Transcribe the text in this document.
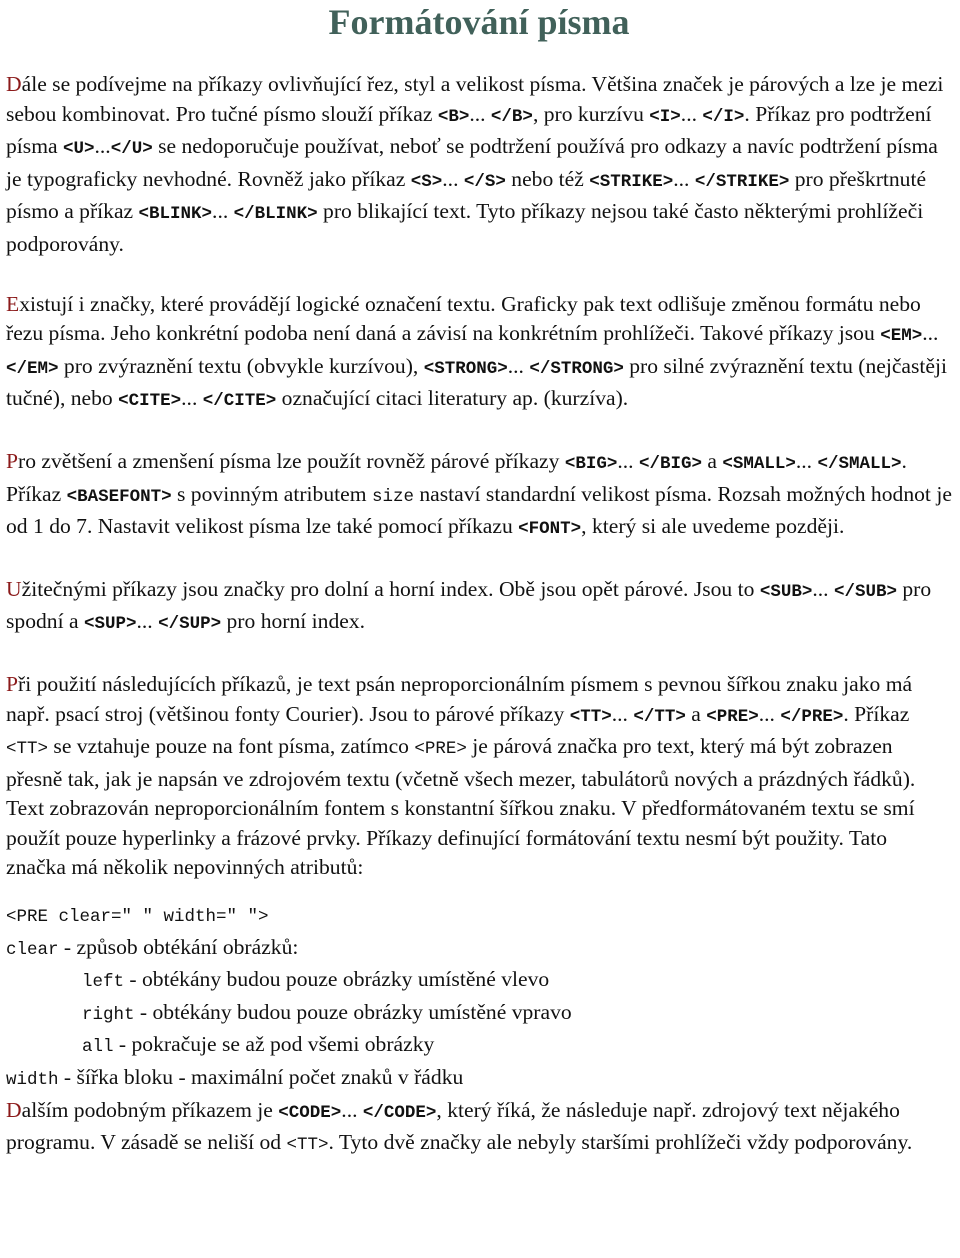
Formátování písma

Dále se podívejme na příkazy ovlivňující řez, styl a velikost písma. Většina značek je párových a lze je mezi sebou kombinovat. Pro tučné písmo slouží příkaz <B>... </B>, pro kurzívu <I>... </I>. Příkaz pro podtržení písma <U>...</U> se nedoporučuje používat, neboť se podtržení používá pro odkazy a navíc podtržení písma je typograficky nevhodné. Rovněž jako příkaz <S>... </S> nebo též <STRIKE>... </STRIKE> pro přeškrtnuté písmo a příkaz <BLINK>... </BLINK> pro blikající text. Tyto příkazy nejsou také často některými prohlížeči podporovány.

Existují i značky, které provádějí logické označení textu. Graficky pak text odlišuje změnou formátu nebo řezu písma. Jeho konkrétní podoba není daná a závisí na konkrétním prohlížeči. Takové příkazy jsou <EM>... </EM> pro zvýraznění textu (obvykle kurzívou), <STRONG>... </STRONG> pro silné zvýraznění textu (nejčastěji tučné), nebo <CITE>... </CITE> označující citaci literatury ap. (kurzíva).

Pro zvětšení a zmenšení písma lze použít rovněž párové příkazy <BIG>... </BIG> a <SMALL>... </SMALL>. Příkaz <BASEFONT> s povinným atributem size nastaví standardní velikost písma. Rozsah možných hodnot je od 1 do 7. Nastavit velikost písma lze také pomocí příkazu <FONT>, který si ale uvedeme později.

Užitečnými příkazy jsou značky pro dolní a horní index. Obě jsou opět párové. Jsou to <SUB>... </SUB> pro spodní a <SUP>... </SUP> pro horní index.

Při použití následujících příkazů, je text psán neproporcionálním písmem s pevnou šířkou znaku jako má např. psací stroj (většinou fonty Courier). Jsou to párové příkazy <TT>... </TT> a <PRE>... </PRE>. Příkaz <TT> se vztahuje pouze na font písma, zatímco <PRE> je párová značka pro text, který má být zobrazen přesně tak, jak je napsán ve zdrojovém textu (včetně všech mezer, tabulátorů nových a prázdných řádků). Text zobrazován neproporcionálním fontem s konstantní šířkou znaku. V předformátovaném textu se smí použít pouze hyperlinky a frázové prvky. Příkazy definující formátování textu nesmí být použity. Tato značka má několik nepovinných atributů:

<PRE clear=" " width=" ">
clear - způsob obtékání obrázků:
left - obtékány budou pouze obrázky umístěné vlevo
right - obtékány budou pouze obrázky umístěné vpravo
all - pokračuje se až pod všemi obrázky
width - šířka bloku - maximální počet znaků v řádku

Dalším podobným příkazem je <CODE>... </CODE>, který říká, že následuje např. zdrojový text nějakého programu. V zásadě se neliší od <TT>. Tyto dvě značky ale nebyly staršími prohlížeči vždy podporovány.
